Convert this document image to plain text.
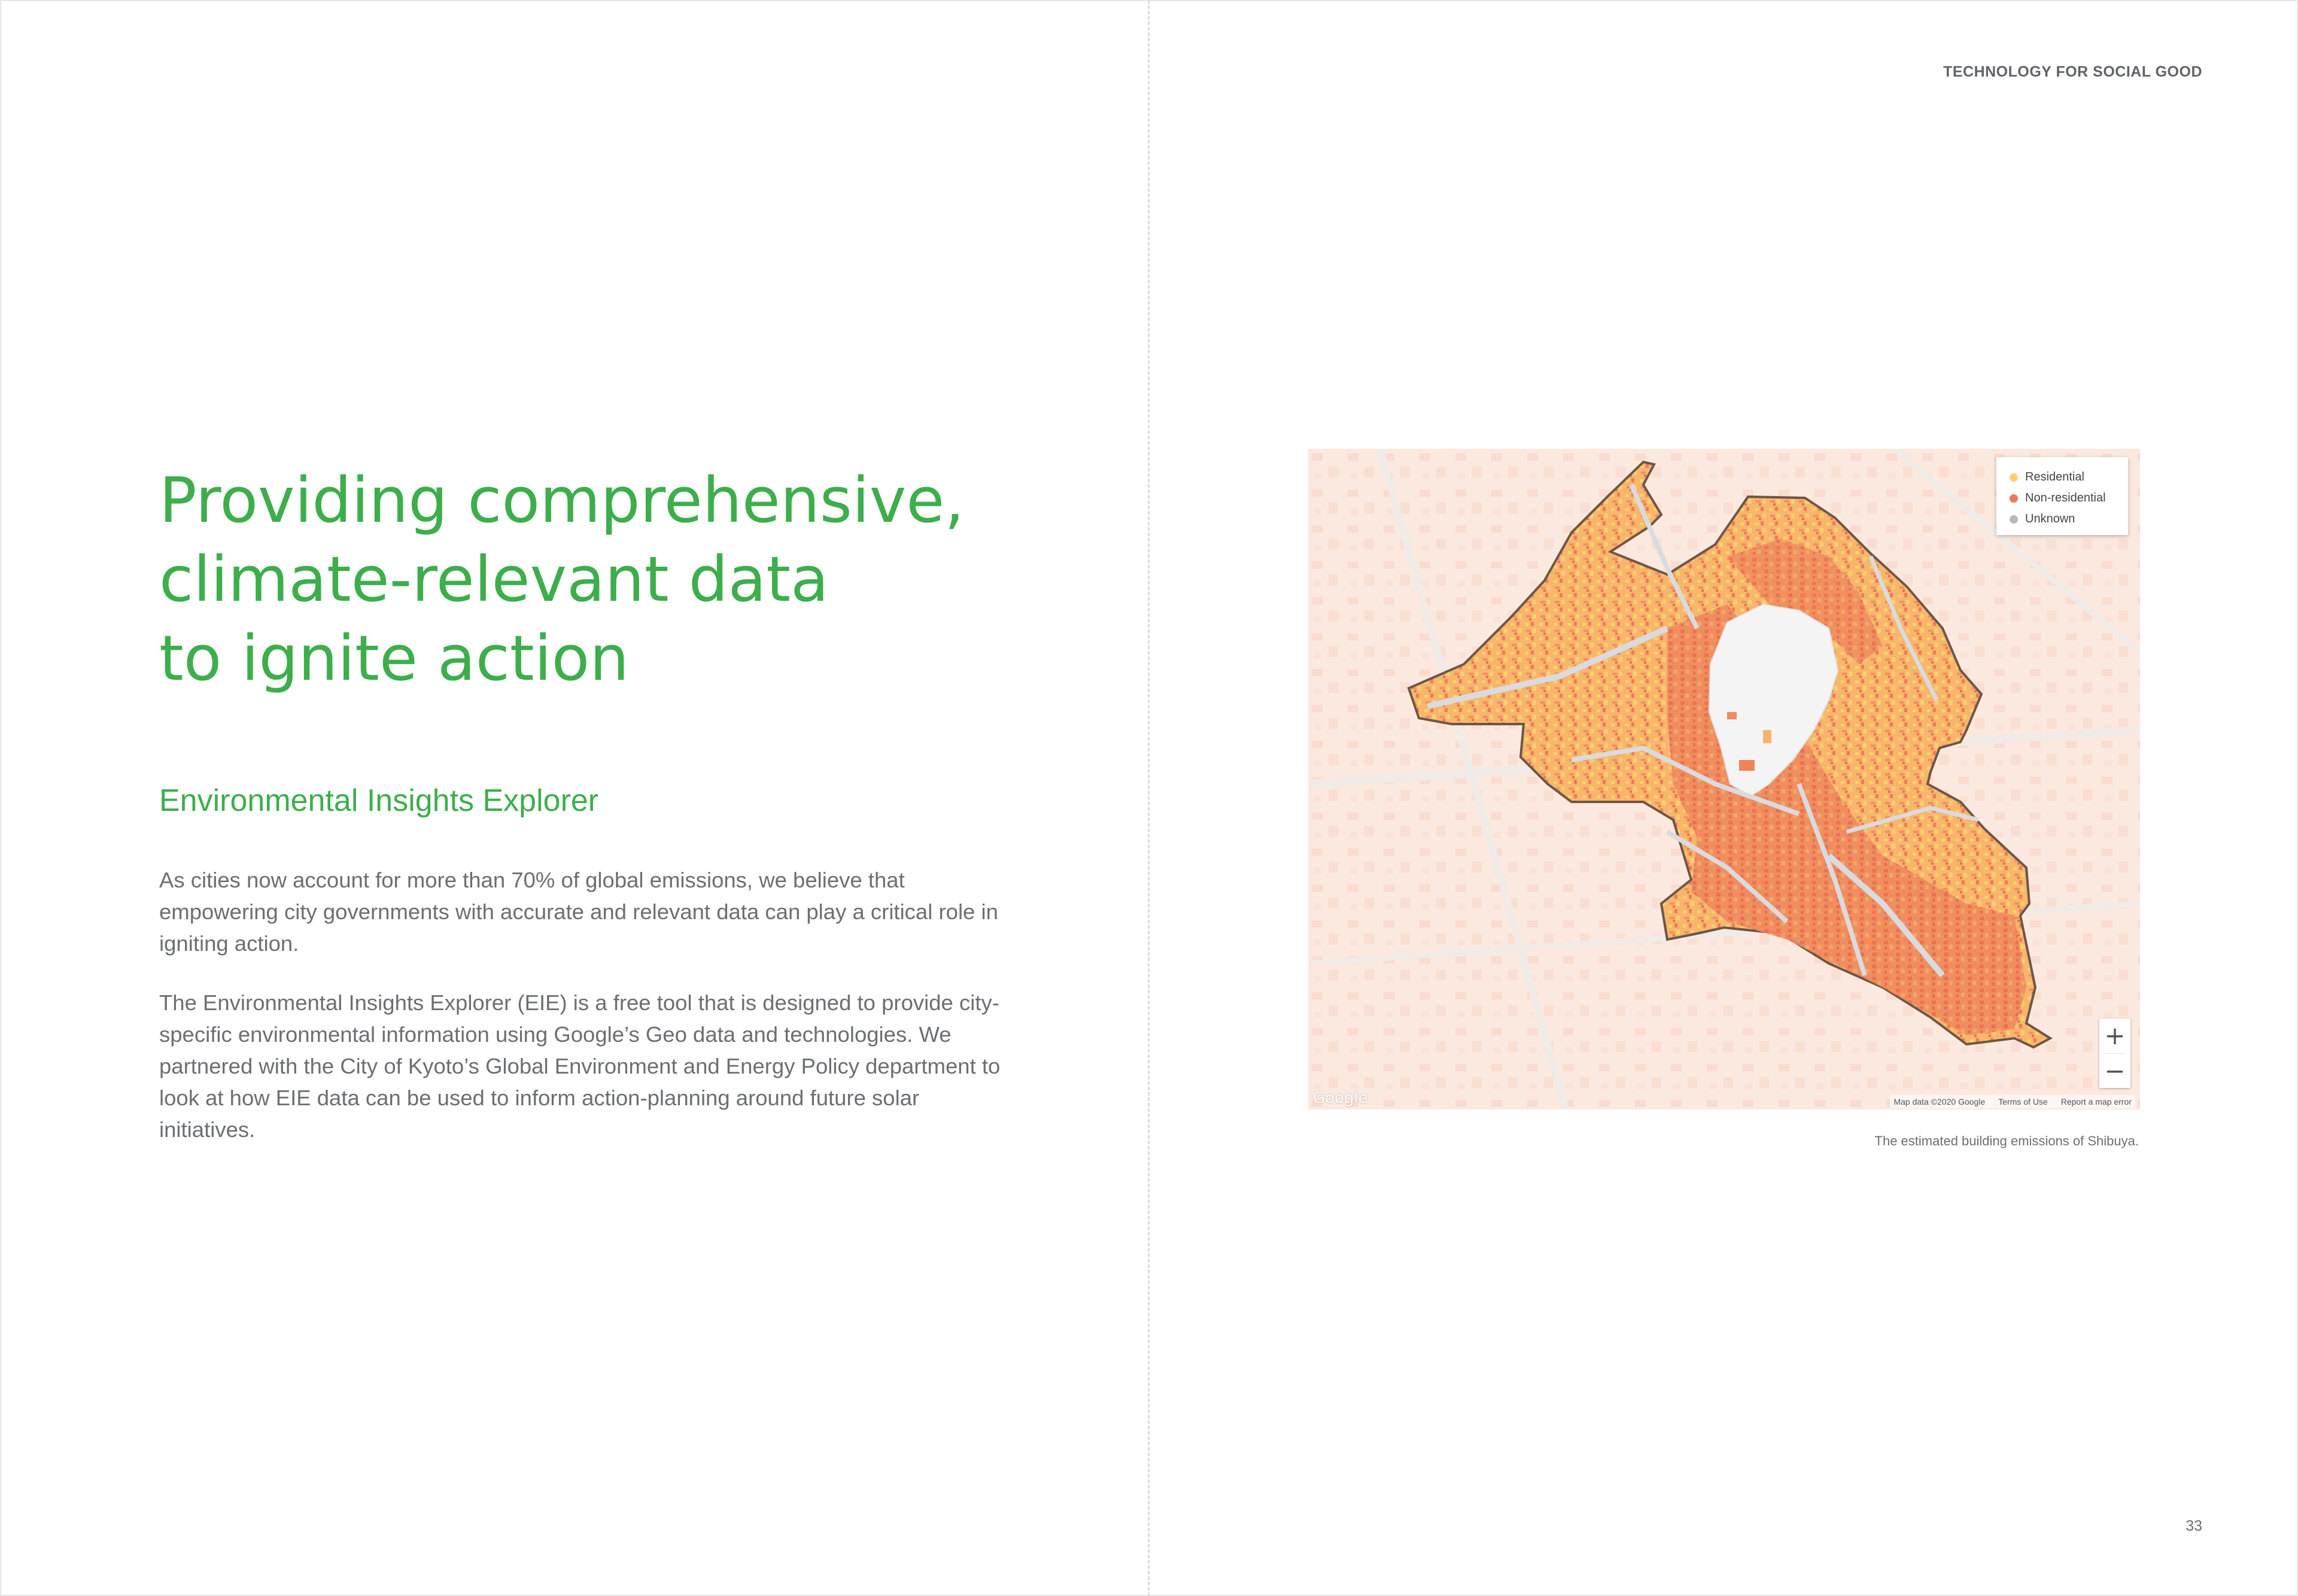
TECHNOLOGY FOR SOCIAL GOOD
Providing comprehensive,
climate-relevant data
to ignite action
Environmental Insights Explorer

As cities now account for more than 70% of global emissions, we believe that empowering city governments with accurate and relevant data can play a critical role in igniting action.

The Environmental Insights Explorer (EIE) is a free tool that is designed to provide city-specific environmental information using Google’s Geo data and technologies. We partnered with the City of Kyoto’s Global Environment and Energy Policy department to look at how EIE data can be used to inform action-planning around future solar initiatives.

Residential
Non-residential
Unknown
+
−
Google	Map data ©2020 Google Terms of Use Report a map error
The estimated building emissions of Shibuya.
33
